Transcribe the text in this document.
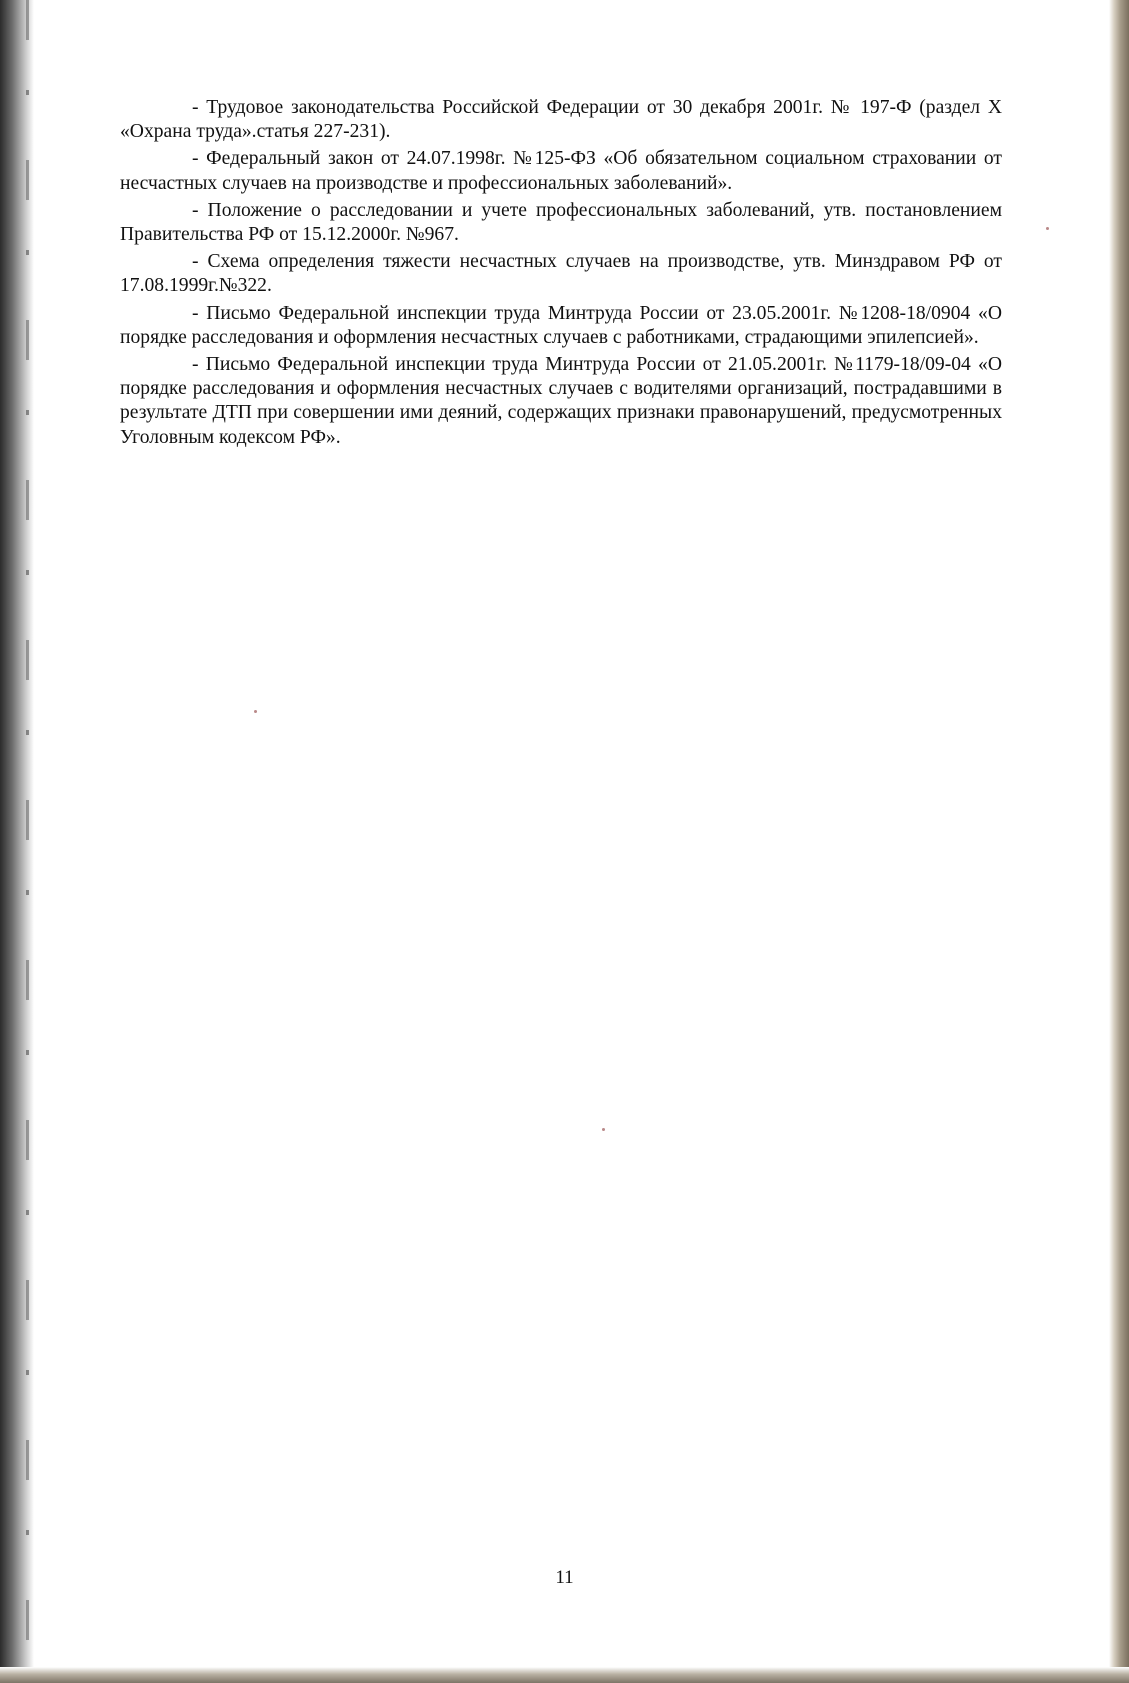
- Трудовое законодательства Российской Федерации от 30 декабря 2001г. № 197-Ф (раздел X «Охрана труда».статья 227-231).

- Федеральный закон от 24.07.1998г. №125-ФЗ «Об обязательном социальном страховании от несчастных случаев на производстве и профессиональных заболеваний».

- Положение о расследовании и учете профессиональных заболеваний, утв. постановлением Правительства РФ от 15.12.2000г. №967.

- Схема определения тяжести несчастных случаев на производстве, утв. Минздравом РФ от 17.08.1999г.№322.

- Письмо Федеральной инспекции труда Минтруда России от 23.05.2001г. №1208-18/0904 «О порядке расследования и оформления несчастных случаев с работниками, страдающими эпилепсией».

- Письмо Федеральной инспекции труда Минтруда России от 21.05.2001г. №1179-18/09-04 «О порядке расследования и оформления несчастных случаев с водителями организаций, пострадавшими в результате ДТП при совершении ими деяний, содержащих признаки правонарушений, предусмотренных Уголовным кодексом РФ».

11
